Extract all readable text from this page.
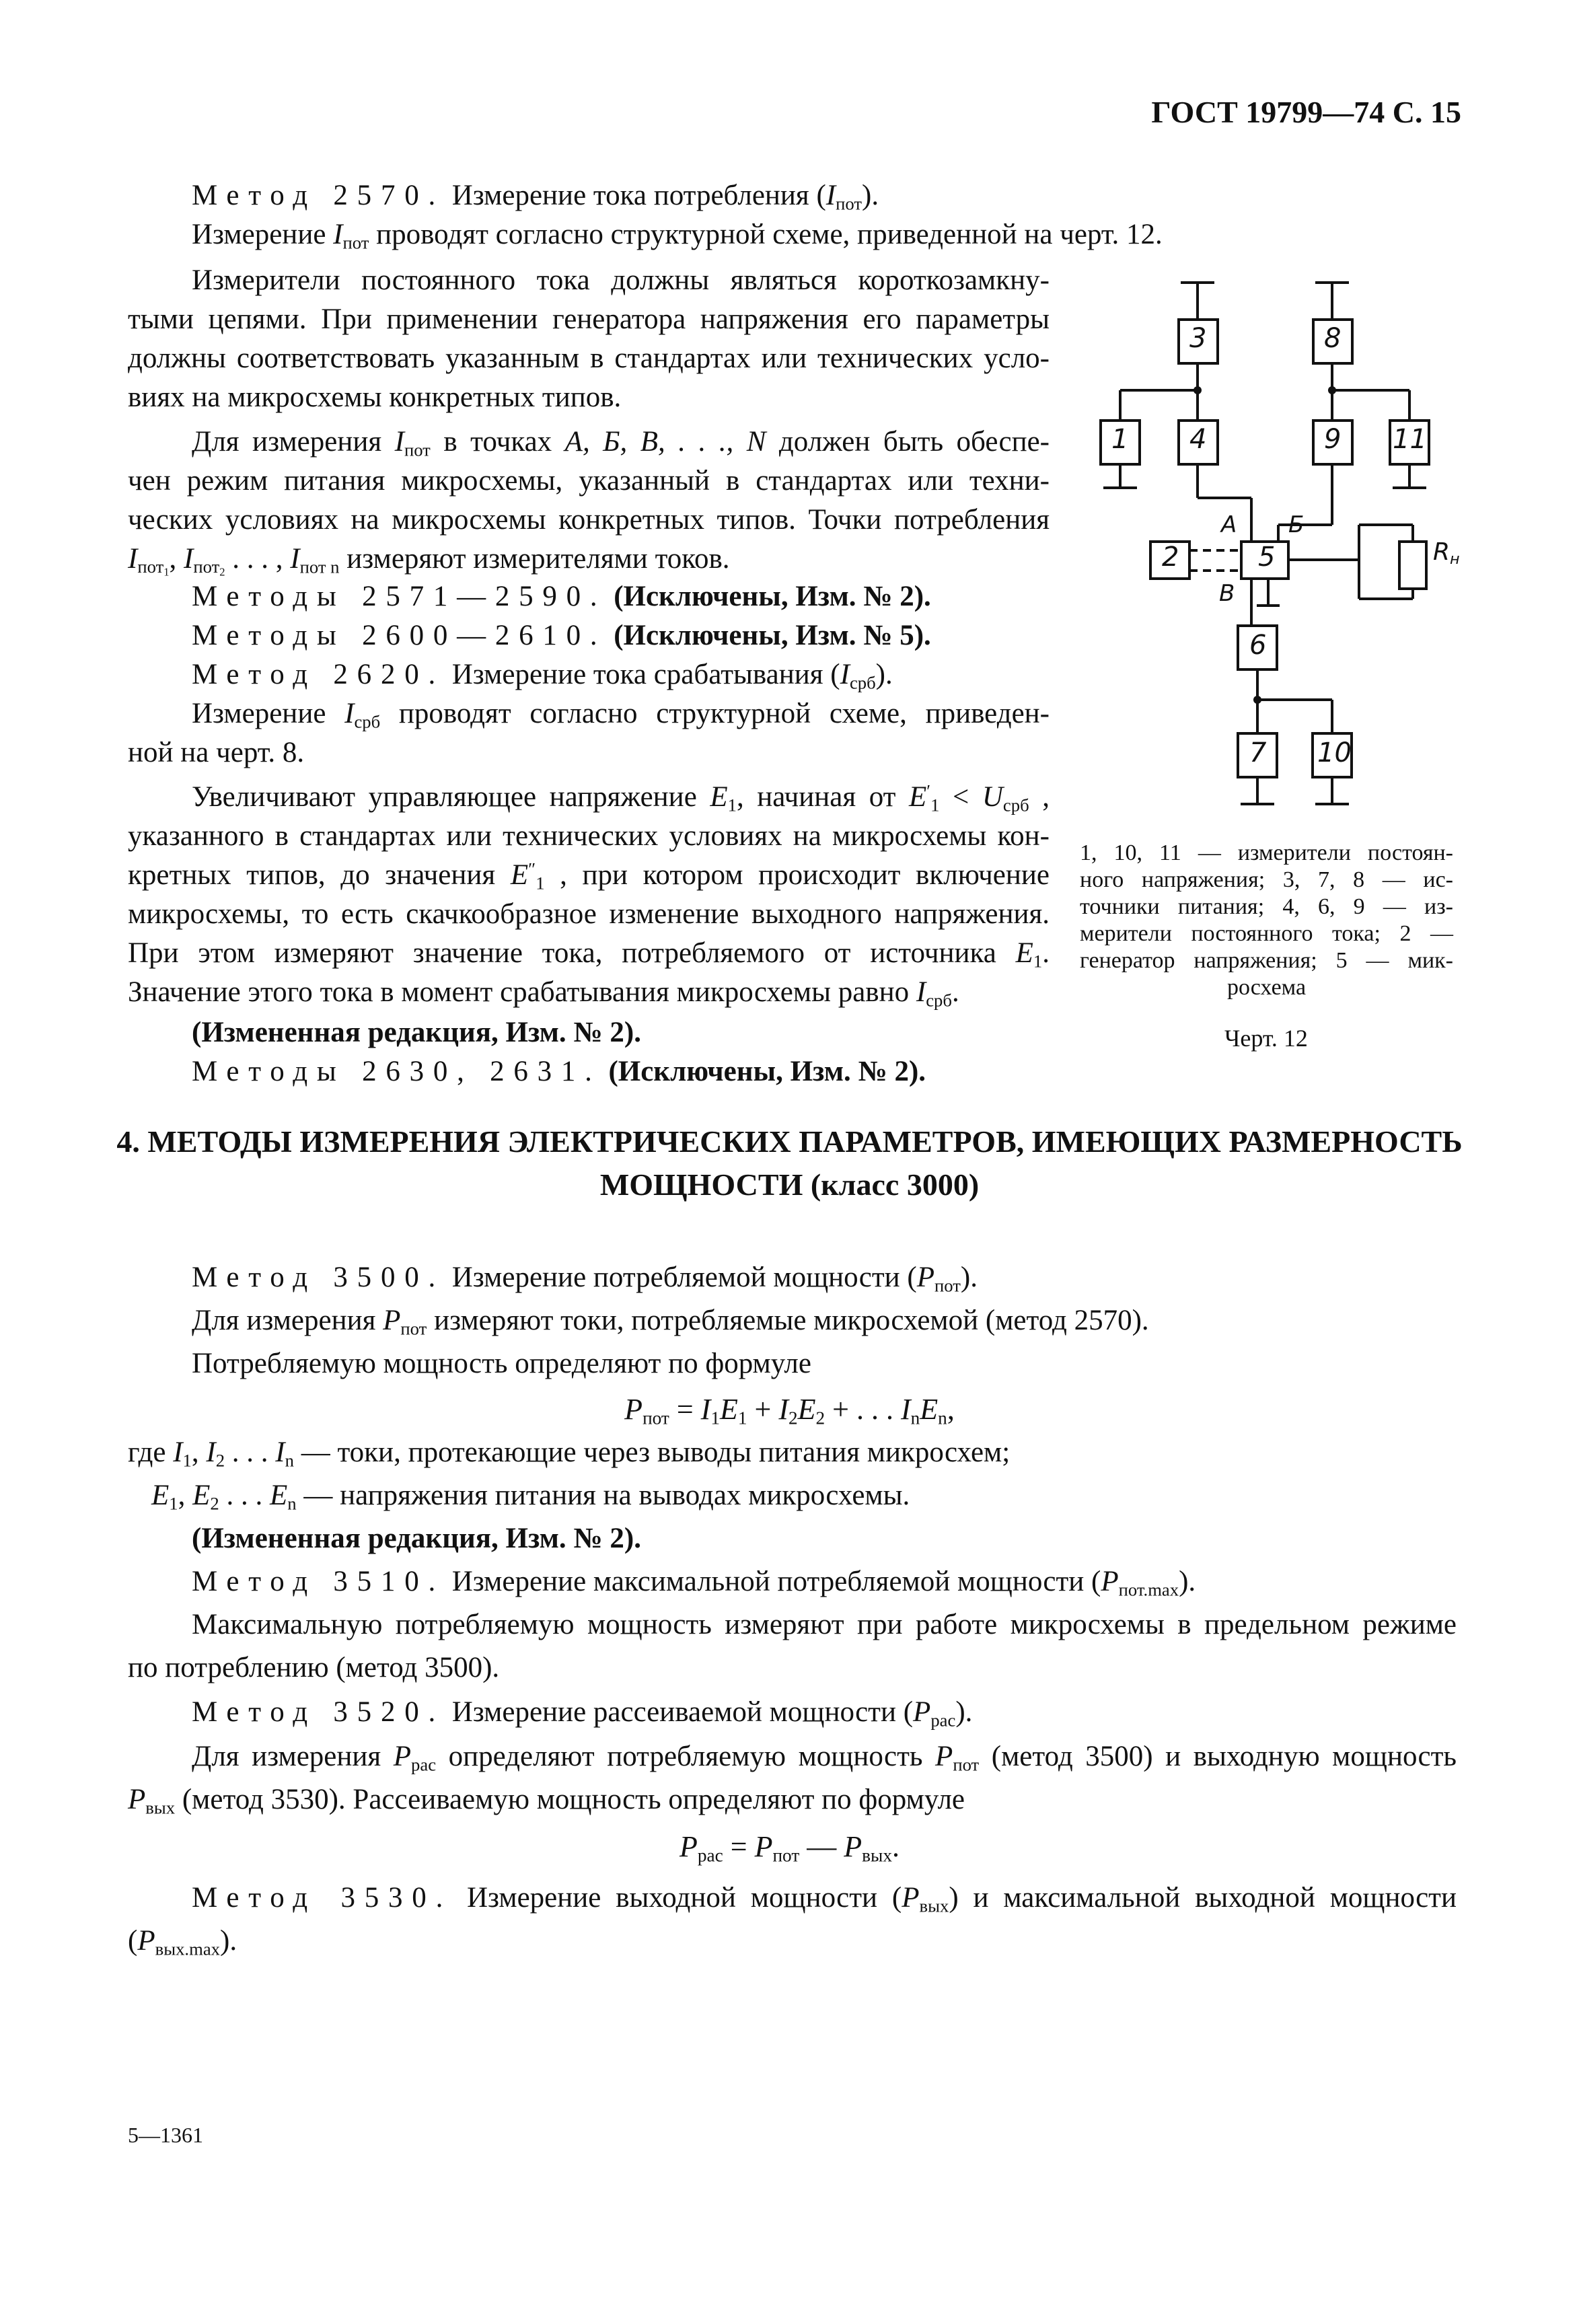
ГОСТ 19799—74 С. 15
Метод 2570. Измерение тока потребления $(I_{пот})$.
Измерение $I_{пот}$ проводят согласно структурной схеме, приведенной на черт. 12.
Измерители постоянного тока должны являться короткозамкну-
тыми цепями. При применении генератора напряжения его параметры
должны соответствовать указанным в стандартах или технических усло-
виях на микросхемы конкретных типов.
Для измерения $I_{пот}$ в точках А, Б, В, . . ., N должен быть обеспе-
чен режим питания микросхемы, указанный в стандартах или техни-
ческих условиях на микросхемы конкретных типов. Точки потребления
$I_{пот_1}$, $I_{пот_2}$ . . . , $I_{пот n}$ измеряют измерителями токов.
Методы 2571—2590. (Исключены, Изм. № 2).
Методы 2600—2610. (Исключены, Изм. № 5).
Метод 2620. Измерение тока срабатывания $(I_{срб})$.
Измерение $I_{срб}$ проводят согласно структурной схеме, приведен-
ной на черт. 8.
Увеличивают управляющее напряжение $E_1$, начиная от $E'_1 < U_{срб}$ ,
указанного в стандартах или технических условиях на микросхемы кон-
кретных типов, до значения $E''_1$ , при котором происходит включение
микросхемы, то есть скачкообразное изменение выходного напряжения.
При этом измеряют значение тока, потребляемого от источника $E_1$.
Значение этого тока в момент срабатывания микросхемы равно $I_{срб}$.
(Измененная редакция, Изм. № 2).
Методы 2630, 2631. (Исключены, Изм. № 2).
3	8
1 4	9 11
2	5
6
7 10
А Б
В
$R_н$
1, 10, 11 — измерители постоян-
ного напряжения; 3, 7, 8 — ис-
точники питания; 4, 6, 9 — из-
мерители постоянного тока; 2 —
генератор напряжения; 5 — мик-
росхема
Черт. 12
4. МЕТОДЫ ИЗМЕРЕНИЯ ЭЛЕКТРИЧЕСКИХ ПАРАМЕТРОВ, ИМЕЮЩИХ РАЗМЕРНОСТЬ
МОЩНОСТИ (класс 3000)
Метод 3500. Измерение потребляемой мощности $(P_{пот})$.
Для измерения $P_{пот}$ измеряют токи, потребляемые микросхемой (метод 2570).
Потребляемую мощность определяют по формуле
$P_{пот} = I_1E_1 + I_2E_2$ + . . . $I_nE_n$,
где $I_1$, $I_2$ . . . $I_n$ — токи, протекающие через выводы питания микросхем;
$E_1$, $E_2$ . . . $E_n$ — напряжения питания на выводах микросхемы.
(Измененная редакция, Изм. № 2).
Метод 3510. Измерение максимальной потребляемой мощности $(P_{пот.max})$.
Максимальную потребляемую мощность измеряют при работе микросхемы в предельном режиме
по потреблению (метод 3500).
Метод 3520. Измерение рассеиваемой мощности $(P_{рас})$.
Для измерения $P_{рас}$ определяют потребляемую мощность $P_{пот}$ (метод 3500) и выходную мощность
$P_{вых}$ (метод 3530). Рассеиваемую мощность определяют по формуле
$P_{рас} = P_{пот}$ — $P_{вых}$.
Метод 3530. Измерение выходной мощности $(P_{вых})$ и максимальной выходной мощности
$(P_{вых.max})$.
5—1361
